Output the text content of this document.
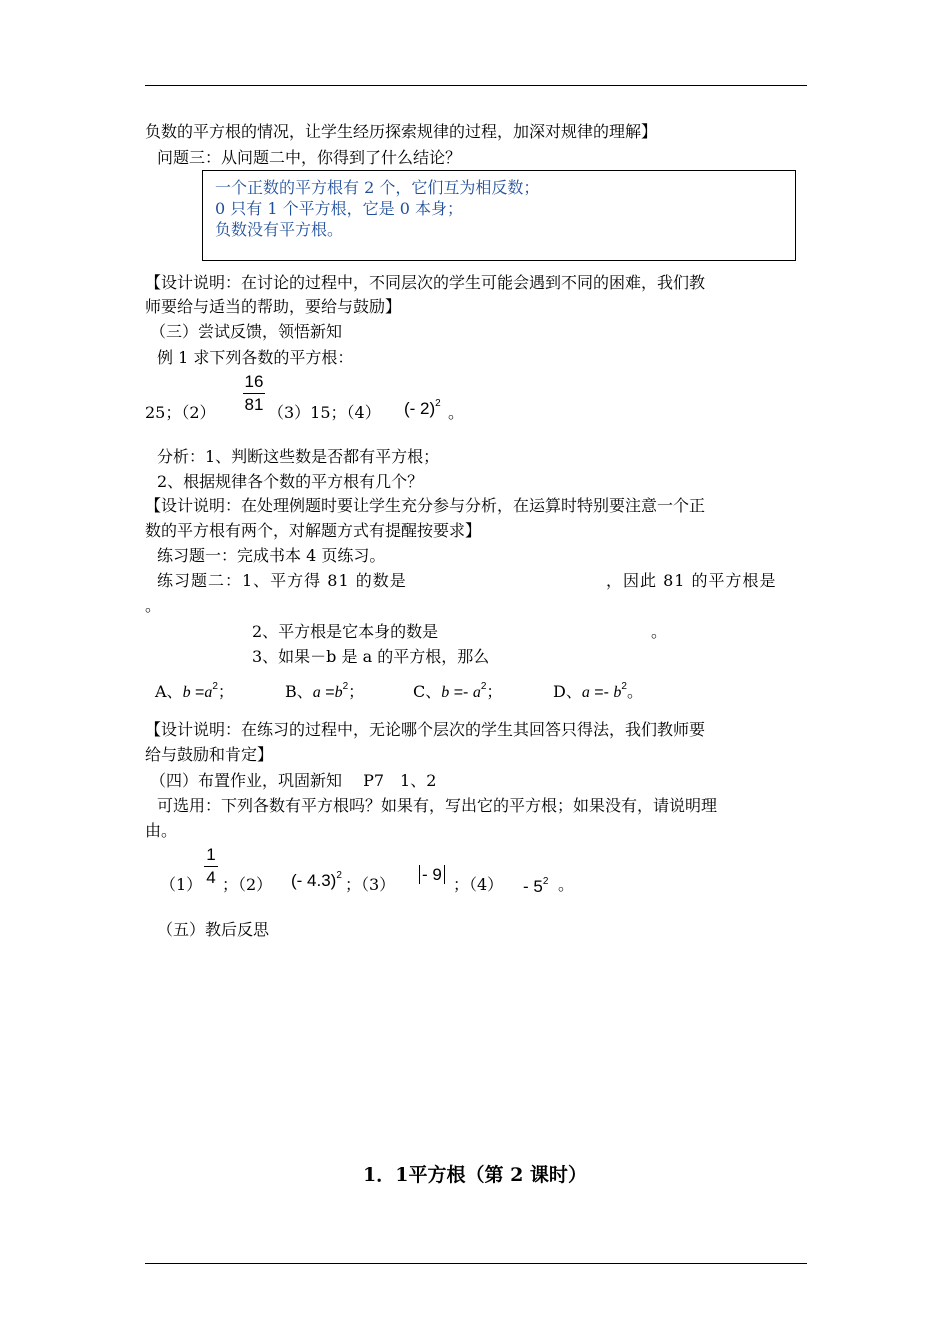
负数的平方根的情况，让学生经历探索规律的过程，加深对规律的理解】
问题三：从问题二中，你得到了什么结论？
一个正数的平方根有 2 个，它们互为相反数；
0 只有 1 个平方根，它是 0 本身；
负数没有平方根。
【设计说明：在讨论的过程中，不同层次的学生可能会遇到不同的困难，我们教
师要给与适当的帮助，要给与鼓励】
（三）尝试反馈，领悟新知
例 1 求下列各数的平方根：
25；（2）
16
81 （3）15；（4） (- 2)$^2$ 。
分析：1、判断这些数是否都有平方根；
2、根据规律各个数的平方根有几个？
【设计说明：在处理例题时要让学生充分参与分析，在运算时特别要注意一个正
数的平方根有两个，对解题方式有提醒按要求】
练习题一：完成书本 4 页练习。
练习题二：1、平方得 81 的数是	，因此 81 的平方根是
。
2、平方根是它本身的数是	。
3、如果－b 是 a 的平方根，那么
A、$b =a^2$；	B、$a =b^2$；	C、$b =- a^2$；	D、$a =- b^2$。
【设计说明：在练习的过程中，无论哪个层次的学生其回答只得法，我们教师要
给与鼓励和肯定】
（四）布置作业，巩固新知　 P7　1、2
可选用：下列各数有平方根吗？如果有，写出它的平方根；如果没有，请说明理
由。
（1）
1
4 ；（2） (- 4.3)$^2$ ；（3）
- 9
；$(4) - 5^2$ 。
（五）教后反思
1．1平方根（第 2 课时）
